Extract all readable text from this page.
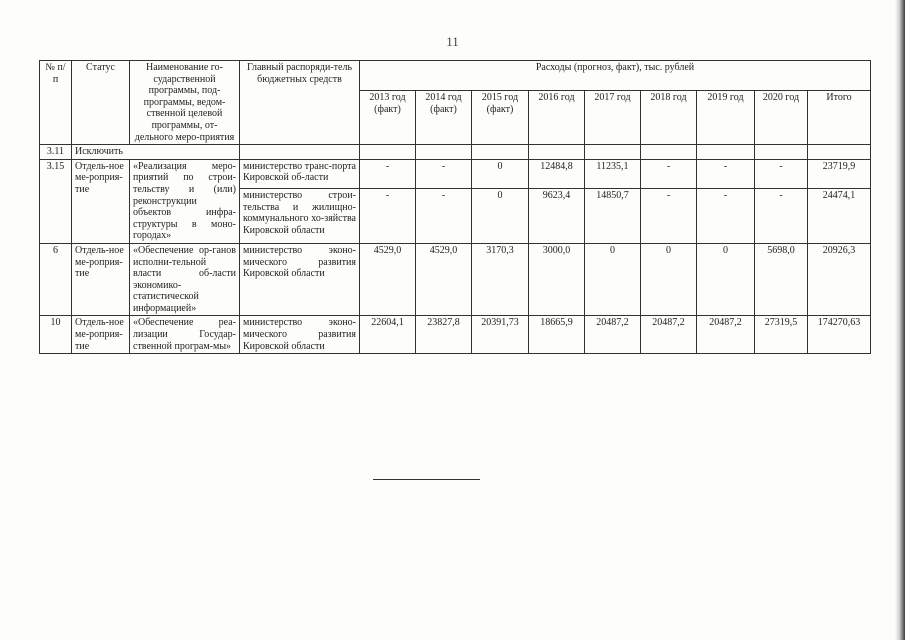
11
№ п/п	Статус	Наименование го-сударственной программы, под-программы, ведом-ственной целевой программы, от-дельного меро-приятия	Главный распоряди-тель бюджетных средств	Расходы (прогноз, факт), тыс. рублей								
				2013 год (факт)	2014 год (факт)	2015 год (факт)	2016 год	2017 год	2018 год	2019 год	2020 год	Итого
3.11	Исключить											
3.15	Отдель-ное ме-роприя-тие	«Реализация меро-приятий по строи-тельству и (или) реконструкции объектов инфра-структуры в моно-городах»	министерство транс-порта Кировской об-ласти	-	-	0	12484,8	11235,1	-	-	-	23719,9
			министерство строи-тельства и жилищно-коммунального хо-зяйства Кировской области	-	-	0	9623,4	14850,7	-	-	-	24474,1
6	Отдель-ное ме-роприя-тие	«Обеспечение ор-ганов исполни-тельной власти об-ласти экономико-статистической информацией»	министерство эконо-мического развития Кировской области	4529,0	4529,0	3170,3	3000,0	0	0	0	5698,0	20926,3
10	Отдель-ное ме-роприя-тие	«Обеспечение реа-лизации Государ-ственной програм-мы»	министерство эконо-мического развития Кировской области	22604,1	23827,8	20391,73	18665,9	20487,2	20487,2	20487,2	27319,5	174270,63
